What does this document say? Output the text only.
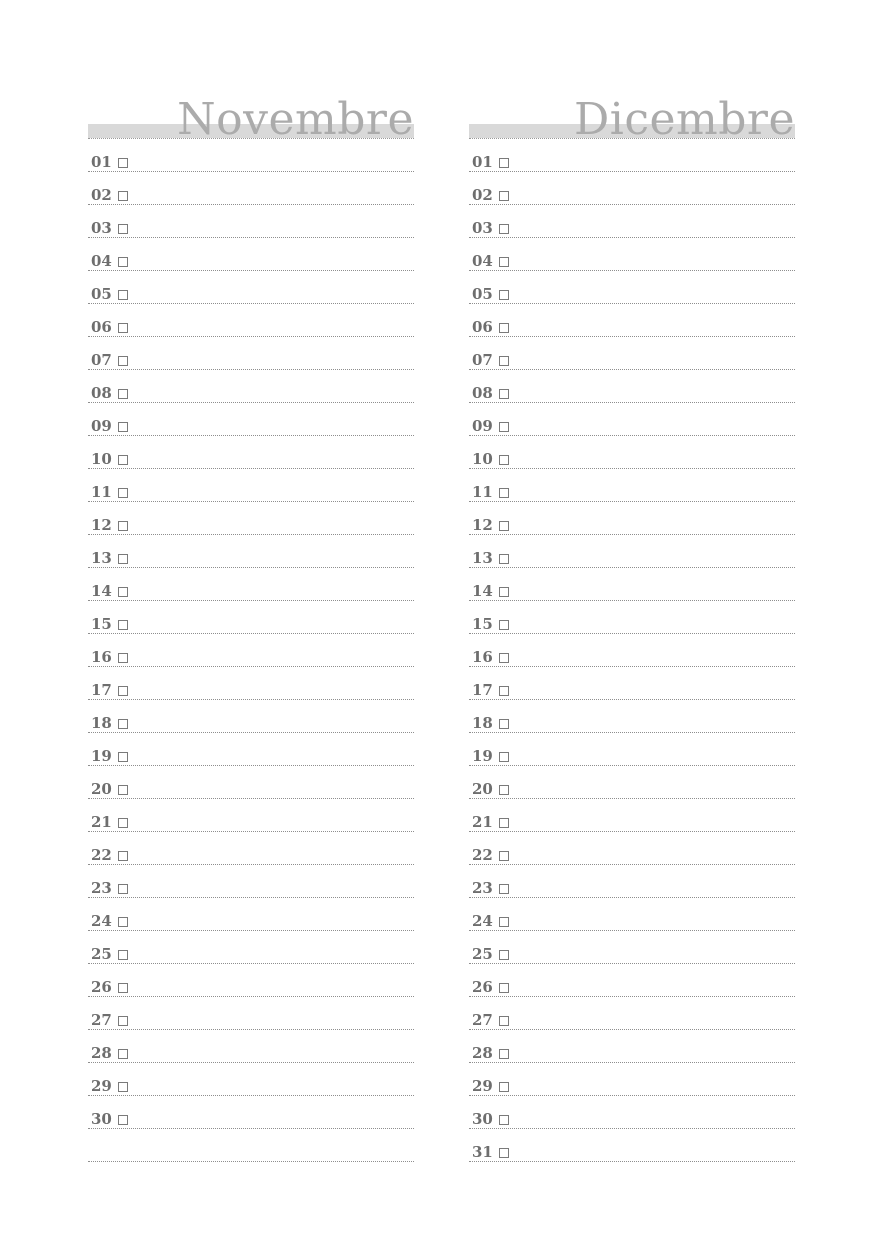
Novembre
01
02
03
04
05
06
07
08
09
10
11
12
13
14
15
16
17
18
19
20
21
22
23
24
25
26
27
28
29
30
Dicembre
01
02
03
04
05
06
07
08
09
10
11
12
13
14
15
16
17
18
19
20
21
22
23
24
25
26
27
28
29
30
31
